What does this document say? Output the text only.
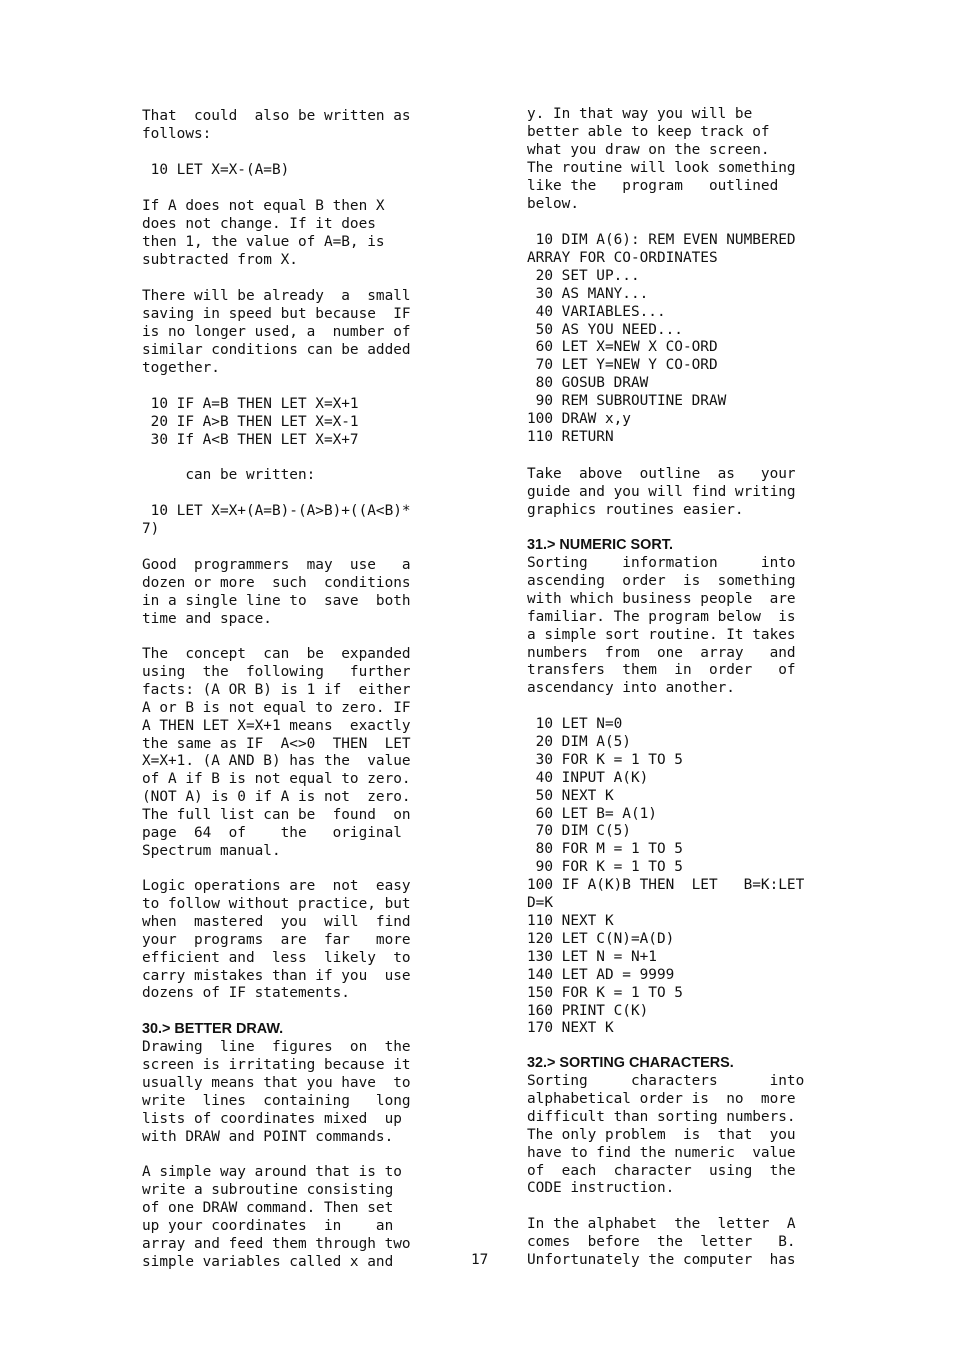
That  could  also be written as
follows:

10 LET X=X-(A=B)

If A does not equal B then X
does not change. If it does
then 1, the value of A=B, is
subtracted from X.

There will be already  a  small
saving in speed but because  IF
is no longer used, a  number of
similar conditions can be added
together.

10 IF A=B THEN LET X=X+1
20 IF A>B THEN LET X=X-1
30 If A<B THEN LET X=X+7

can be written:

10 LET X=X+(A=B)-(A>B)+((A<B)*
7)

Good  programmers  may  use   a
dozen or more  such  conditions
in a single line to  save  both
time and space.

The  concept  can  be  expanded
using  the  following   further
facts: (A OR B) is 1 if  either
A or B is not equal to zero. IF
A THEN LET X=X+1 means  exactly
the same as IF  A<>0  THEN  LET
X=X+1. (A AND B) has the  value
of A if B is not equal to zero.
(NOT A) is 0 if A is not  zero.
The full list can be  found  on
page  64  of    the   original
Spectrum manual.

Logic operations are  not  easy
to follow without practice, but
when  mastered  you  will  find
your  programs  are  far   more
efficient and  less  likely  to
carry mistakes than if you  use
dozens of IF statements.

30.> BETTER DRAW.

Drawing  line  figures  on  the
screen is irritating because it
usually means that you have  to
write  lines  containing   long
lists of coordinates mixed  up
with DRAW and POINT commands.

A simple way around that is to
write a subroutine consisting
of one DRAW command. Then set
up your coordinates  in    an
array and feed them through two
simple variables called x and

y. In that way you will be
better able to keep track of
what you draw on the screen.
The routine will look something
like the   program   outlined
below.

10 DIM A(6): REM EVEN NUMBERED
ARRAY FOR CO-ORDINATES
20 SET UP...
30 AS MANY...
40 VARIABLES...
50 AS YOU NEED...
60 LET X=NEW X CO-ORD
70 LET Y=NEW Y CO-ORD
80 GOSUB DRAW
90 REM SUBROUTINE DRAW
100 DRAW x,y
110 RETURN

Take  above  outline  as   your
guide and you will find writing
graphics routines easier.

31.> NUMERIC SORT.

Sorting    information     into
ascending  order  is  something
with which business people  are
familiar. The program below  is
a simple sort routine. It takes
numbers  from  one  array   and
transfers  them  in  order   of
ascendancy into another.

10 LET N=0
20 DIM A(5)
30 FOR K = 1 TO 5
40 INPUT A(K)
50 NEXT K
60 LET B= A(1)
70 DIM C(5)
80 FOR M = 1 TO 5
90 FOR K = 1 TO 5
100 IF A(K)B THEN  LET   B=K:LET
D=K
110 NEXT K
120 LET C(N)=A(D)
130 LET N = N+1
140 LET AD = 9999
150 FOR K = 1 TO 5
160 PRINT C(K)
170 NEXT K

32.> SORTING CHARACTERS.

Sorting     characters      into
alphabetical order is  no  more
difficult than sorting numbers.
The only problem  is  that  you
have to find the numeric  value
of  each  character  using  the
CODE instruction.

In the alphabet  the  letter  A
comes  before  the  letter   B.
Unfortunately the computer  has

17
